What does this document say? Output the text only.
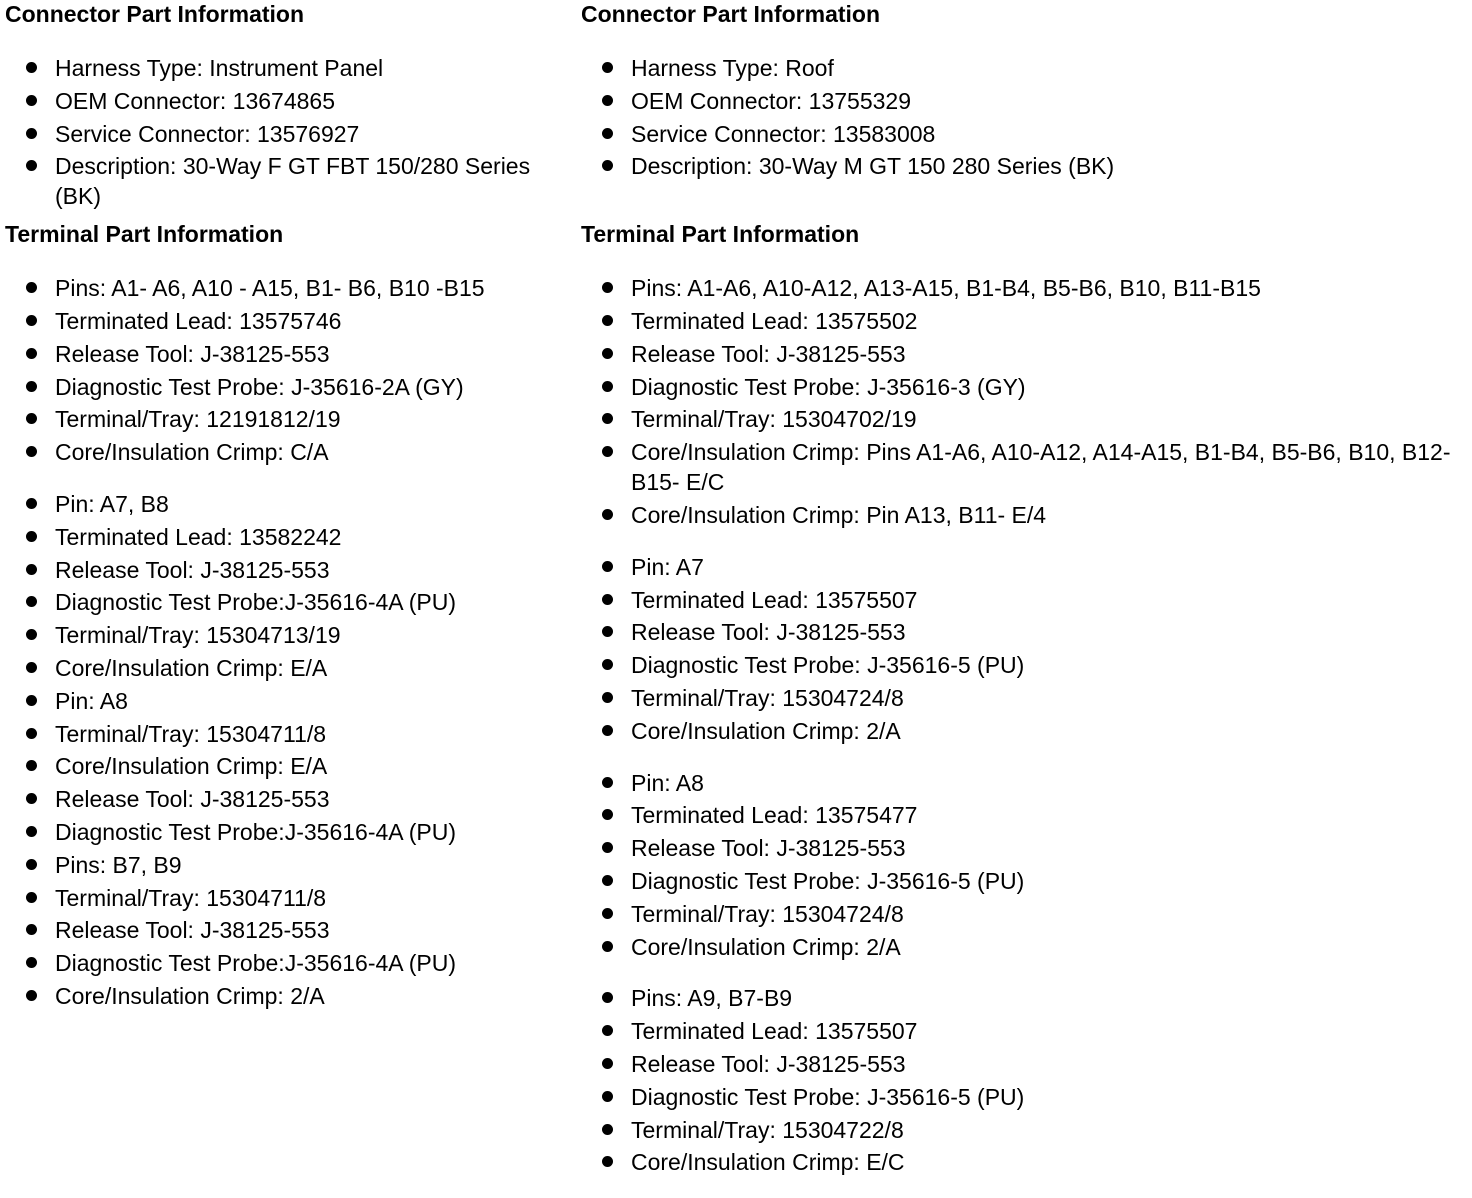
Connector Part Information
Harness Type: Instrument Panel
OEM Connector: 13674865
Service Connector: 13576927
Description: 30-Way F GT FBT 150/280 Series (BK)
Terminal Part Information
Pins: A1- A6, A10 - A15, B1- B6, B10 -B15
Terminated Lead: 13575746
Release Tool: J-38125-553
Diagnostic Test Probe: J-35616-2A (GY)
Terminal/Tray: 12191812/19
Core/Insulation Crimp: C/A
Pin: A7, B8
Terminated Lead: 13582242
Release Tool: J-38125-553
Diagnostic Test Probe:J-35616-4A (PU)
Terminal/Tray: 15304713/19
Core/Insulation Crimp: E/A
Pin: A8
Terminal/Tray: 15304711/8
Core/Insulation Crimp: E/A
Release Tool: J-38125-553
Diagnostic Test Probe:J-35616-4A (PU)
Pins: B7, B9
Terminal/Tray: 15304711/8
Release Tool: J-38125-553
Diagnostic Test Probe:J-35616-4A (PU)
Core/Insulation Crimp: 2/A
Connector Part Information
Harness Type: Roof
OEM Connector: 13755329
Service Connector: 13583008
Description: 30-Way M GT 150 280 Series (BK)
Terminal Part Information
Pins: A1-A6, A10-A12, A13-A15, B1-B4, B5-B6, B10, B11-B15
Terminated Lead: 13575502
Release Tool: J-38125-553
Diagnostic Test Probe: J-35616-3 (GY)
Terminal/Tray: 15304702/19
Core/Insulation Crimp: Pins A1-A6, A10-A12, A14-A15, B1-B4, B5-B6, B10, B12-B15- E/C
Core/Insulation Crimp: Pin A13, B11- E/4
Pin: A7
Terminated Lead: 13575507
Release Tool: J-38125-553
Diagnostic Test Probe: J-35616-5 (PU)
Terminal/Tray: 15304724/8
Core/Insulation Crimp: 2/A
Pin: A8
Terminated Lead: 13575477
Release Tool: J-38125-553
Diagnostic Test Probe: J-35616-5 (PU)
Terminal/Tray: 15304724/8
Core/Insulation Crimp: 2/A
Pins: A9, B7-B9
Terminated Lead: 13575507
Release Tool: J-38125-553
Diagnostic Test Probe: J-35616-5 (PU)
Terminal/Tray: 15304722/8
Core/Insulation Crimp: E/C
